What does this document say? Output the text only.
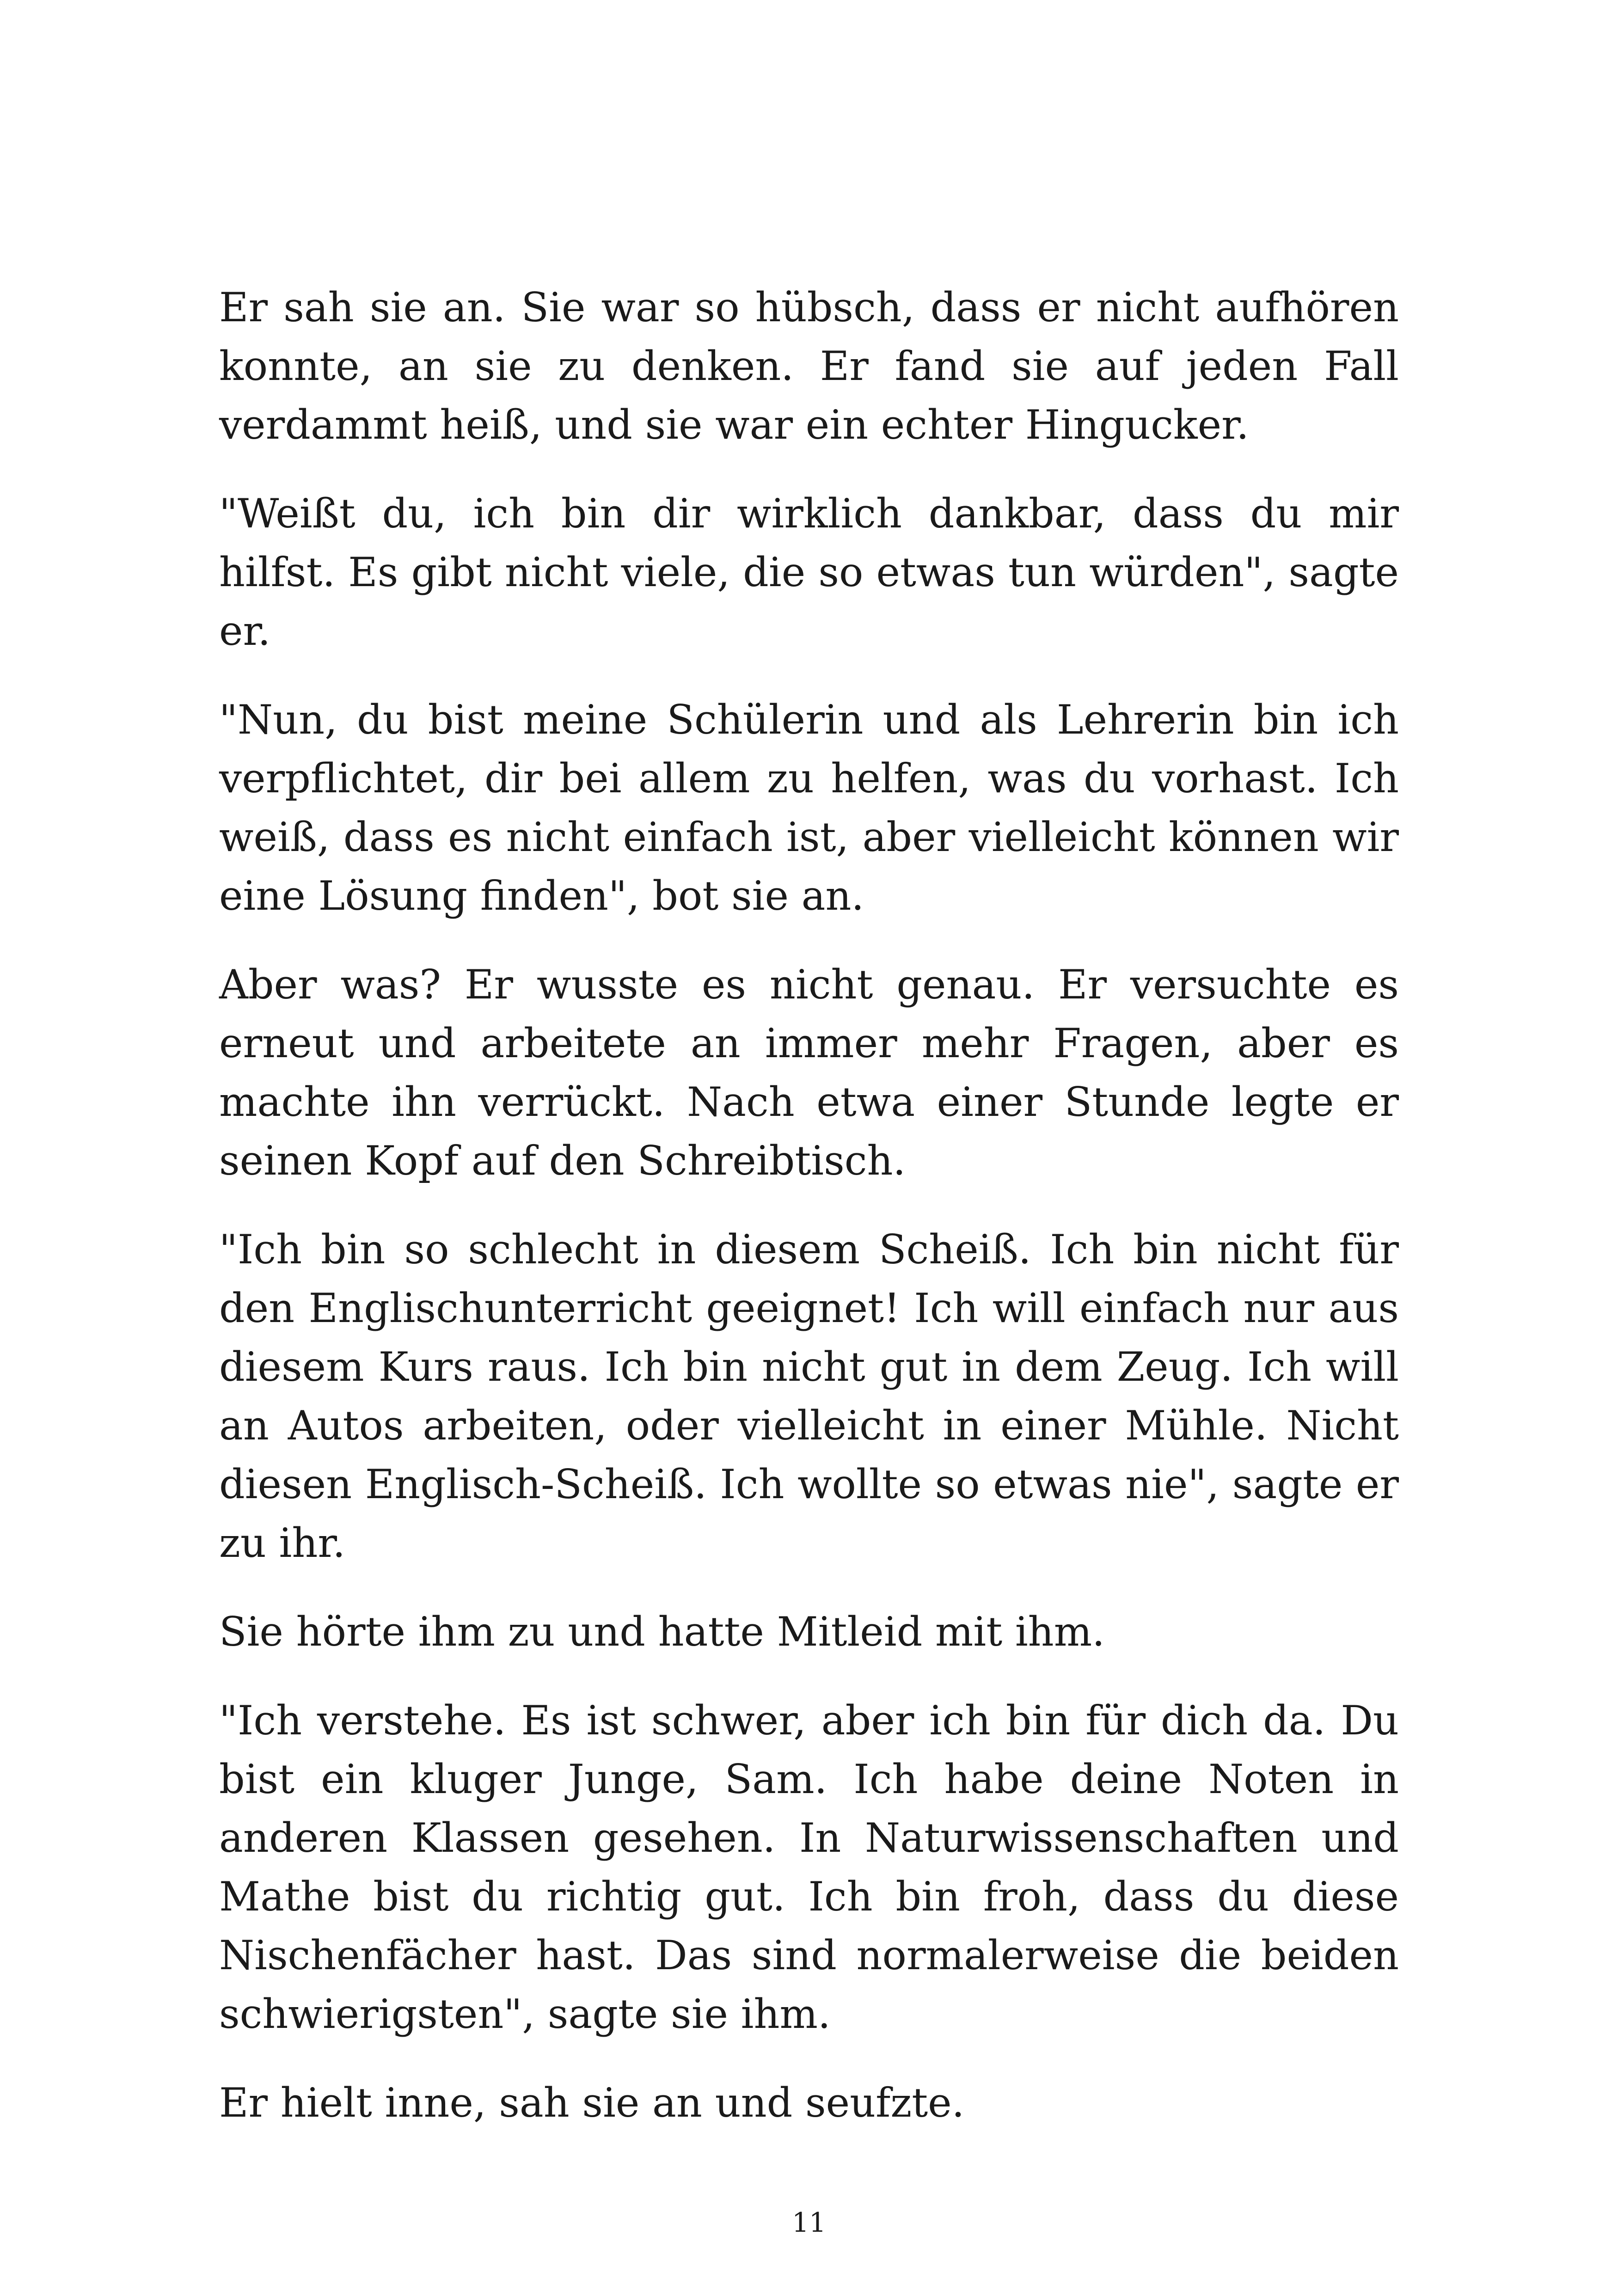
Er sah sie an. Sie war so hübsch, dass er nicht aufhören konnte, an sie zu denken. Er fand sie auf jeden Fall verdammt heiß, und sie war ein echter Hingucker.

"Weißt du, ich bin dir wirklich dankbar, dass du mir hilfst. Es gibt nicht viele, die so etwas tun würden", sagte er.

"Nun, du bist meine Schülerin und als Lehrerin bin ich verpflichtet, dir bei allem zu helfen, was du vorhast. Ich weiß, dass es nicht einfach ist, aber vielleicht können wir eine Lösung finden", bot sie an.

Aber was? Er wusste es nicht genau. Er versuchte es erneut und arbeitete an immer mehr Fragen, aber es machte ihn verrückt. Nach etwa einer Stunde legte er seinen Kopf auf den Schreibtisch.

"Ich bin so schlecht in diesem Scheiß. Ich bin nicht für den Englischunterricht geeignet! Ich will einfach nur aus diesem Kurs raus. Ich bin nicht gut in dem Zeug. Ich will an Autos arbeiten, oder vielleicht in einer Mühle. Nicht diesen Englisch-Scheiß. Ich wollte so etwas nie", sagte er zu ihr.

Sie hörte ihm zu und hatte Mitleid mit ihm.

"Ich verstehe. Es ist schwer, aber ich bin für dich da. Du bist ein kluger Junge, Sam. Ich habe deine Noten in anderen Klassen gesehen. In Naturwissenschaften und Mathe bist du richtig gut. Ich bin froh, dass du diese Nischenfächer hast. Das sind normalerweise die beiden schwierigsten", sagte sie ihm.

Er hielt inne, sah sie an und seufzte.

11
